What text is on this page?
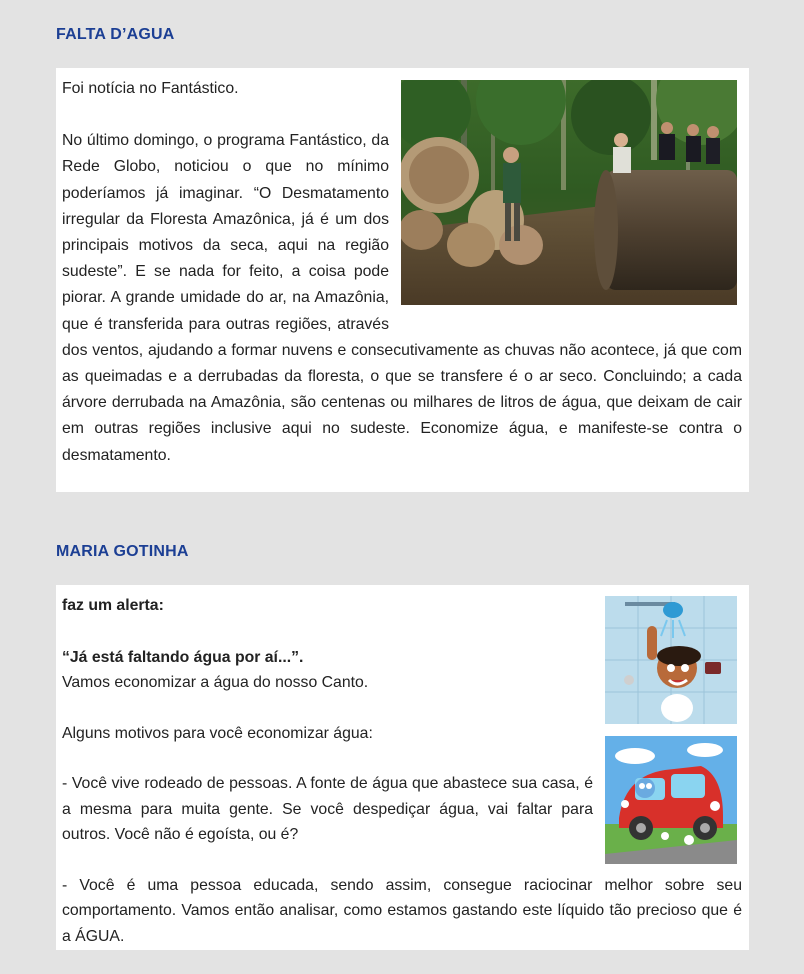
FALTA D’AGUA

Foi notícia no Fantástico.

No último domingo, o programa Fantástico, da Rede Globo, noticiou o que no mínimo poderíamos já imaginar. “O Desmatamento irregular da Floresta Amazônica, já é um dos principais motivos da seca, aqui na região sudeste”. E se nada for feito, a coisa pode piorar. A grande umidade do ar, na Amazônia, que é transferida para outras regiões, através dos ventos, ajudando a formar nuvens e consecutivamente as chuvas não acontece, já que com as queimadas e a derrubadas da floresta, o que se transfere é o ar seco. Concluindo; a cada árvore derrubada na Amazônia, são centenas ou milhares de litros de água, que deixam de cair em outras regiões inclusive aqui no sudeste. Economize água, e manifeste-se contra o desmatamento.

MARIA GOTINHA

faz um alerta:

“Já está faltando água por aí...”.
Vamos economizar a água do nosso Canto.

Alguns motivos para você economizar água:

- Você vive rodeado de pessoas. A fonte de água que abastece sua casa, é a mesma para muita gente. Se você despediçar água, vai faltar para outros. Você não é egoísta, ou é?

- Você é uma pessoa educada, sendo assim, consegue raciocinar melhor sobre seu comportamento. Vamos então analisar, como estamos gastando este líquido tão precioso que é a ÁGUA.
